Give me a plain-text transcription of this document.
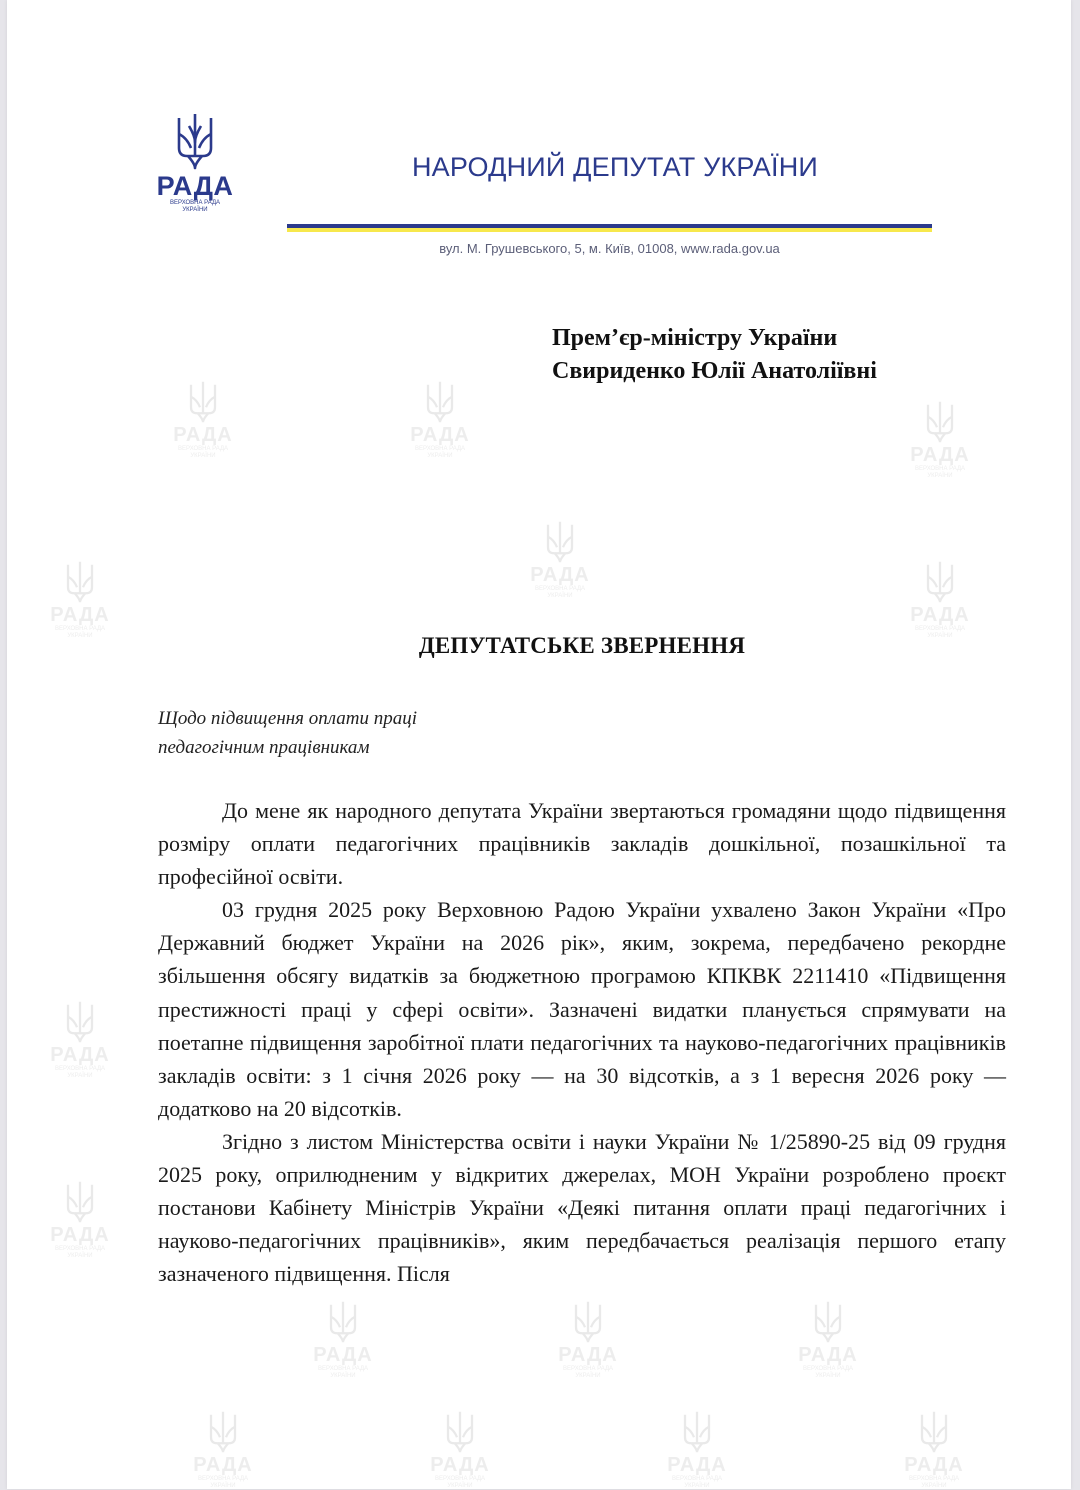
РАДА
ВЕРХОВНА РАДА
УКРАЇНИ
РАДА
ВЕРХОВНА РАДА
УКРАЇНИ	РАДА
ВЕРХОВНА РАДА
УКРАЇНИ
РАДА
ВЕРХОВНА РАДА
УКРАЇНИ
РАДА
ВЕРХОВНА РАДА
УКРАЇНИ
РАДА
ВЕРХОВНА РАДА
УКРАЇНИ
РАДА
ВЕРХОВНА РАДА
УКРАЇНИ
РАДА
ВЕРХОВНА РАДА
УКРАЇНИ
РАДА
ВЕРХОВНА РАДА
УКРАЇНИ
РАДА
ВЕРХОВНА РАДА
УКРАЇНИ
РАДА
ВЕРХОВНА РАДА
УКРАЇНИ
РАДА
ВЕРХОВНА РАДА
УКРАЇНИ
РАДА
ВЕРХОВНА РАДА
УКРАЇНИ
РАДА
ВЕРХОВНА РАДА
УКРАЇНИ
РАДА
ВЕРХОВНА РАДА
УКРАЇНИ
РАДА
ВЕРХОВНА РАДА
УКРАЇНИ
НАРОДНИЙ ДЕПУТАТ УКРАЇНИ
вул. М. Грушевського, 5, м. Київ, 01008, www.rada.gov.ua
Прем’єр-міністру України
Свириденко Юлії Анатоліївні
ДЕПУТАТСЬКЕ ЗВЕРНЕННЯ
Щодо підвищення оплати праці
педагогічним працівникам

До мене як народного депутата України звертаються громадяни щодо підвищення розміру оплати педагогічних працівників закладів дошкільної, позашкільної та професійної освіти.

03 грудня 2025 року Верховною Радою України ухвалено Закон України «Про Державний бюджет України на 2026 рік», яким, зокрема, передбачено рекордне збільшення обсягу видатків за бюджетною програмою КПКВК 2211410 «Підвищення престижності праці у сфері освіти». Зазначені видатки планується спрямувати на поетапне підвищення заробітної плати педагогічних та науково-педагогічних працівників закладів освіти: з 1 січня 2026 року — на 30 відсотків, а з 1 вересня 2026 року — додатково на 20 відсотків.

Згідно з листом Міністерства освіти і науки України № 1/25890-25 від 09 грудня 2025 року, оприлюдненим у відкритих джерелах, МОН України розроблено проєкт постанови Кабінету Міністрів України «Деякі питання оплати праці педагогічних і науково-педагогічних працівників», яким передбачається реалізація першого етапу зазначеного підвищення. Після
